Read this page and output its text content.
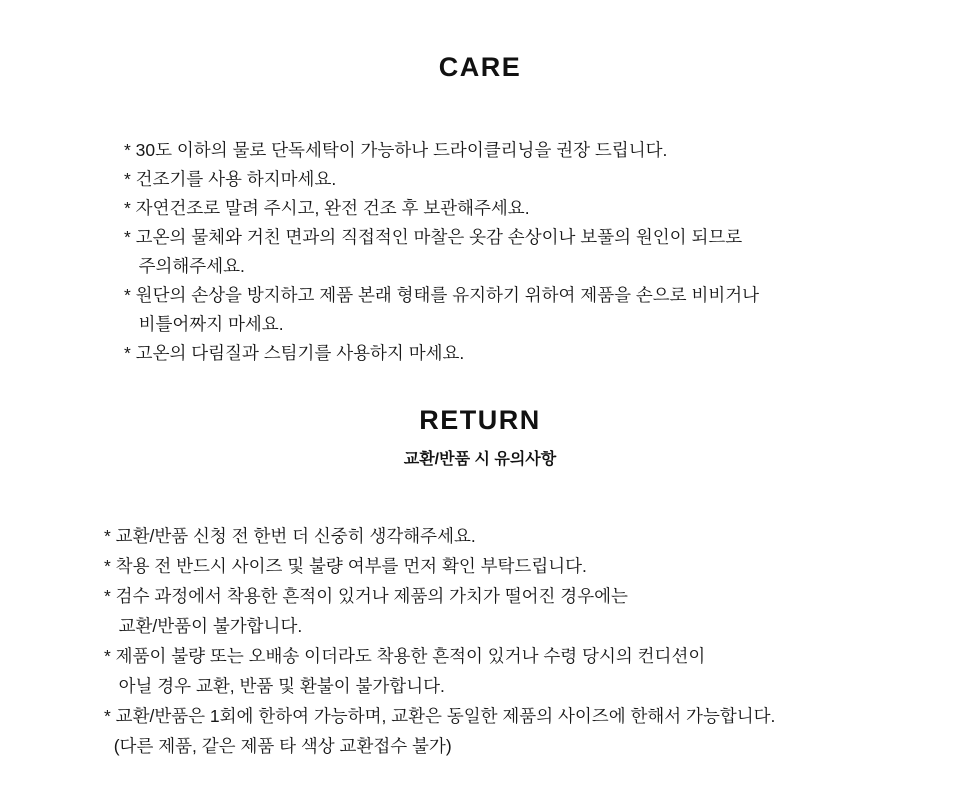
CARE
* 30도 이하의 물로 단독세탁이 가능하나 드라이클리닝을 권장 드립니다.
* 건조기를 사용 하지마세요.
* 자연건조로 말려 주시고, 완전 건조 후 보관해주세요.
* 고온의 물체와 거친 면과의 직접적인 마찰은 옷감 손상이나 보풀의 원인이 되므로
주의해주세요.
* 원단의 손상을 방지하고 제품 본래 형태를 유지하기 위하여 제품을 손으로 비비거나
비틀어짜지 마세요.
* 고온의 다림질과 스팀기를 사용하지 마세요.
RETURN
교환/반품 시 유의사항
* 교환/반품 신청 전 한번 더 신중히 생각해주세요.
* 착용 전 반드시 사이즈 및 불량 여부를 먼저 확인 부탁드립니다.
* 검수 과정에서 착용한 흔적이 있거나 제품의 가치가 떨어진 경우에는
교환/반품이 불가합니다.
* 제품이 불량 또는 오배송 이더라도 착용한 흔적이 있거나 수령 당시의 컨디션이
아닐 경우 교환, 반품 및 환불이 불가합니다.
* 교환/반품은 1회에 한하여 가능하며, 교환은 동일한 제품의 사이즈에 한해서 가능합니다.
(다른 제품, 같은 제품 타 색상 교환접수 불가)
